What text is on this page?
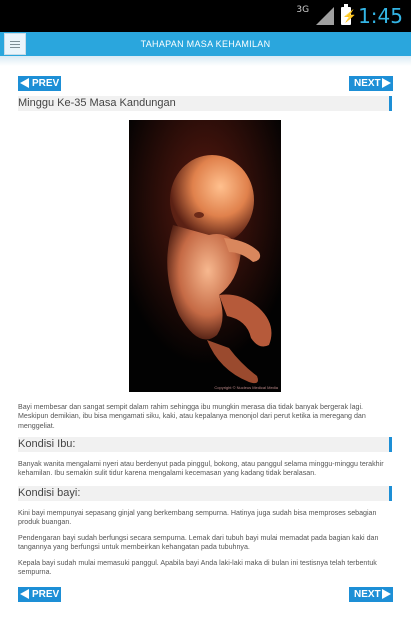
3G	⚡ 1:45
TAHAPAN MASA KEHAMILAN
PREV	NEXT
Minggu Ke-35 Masa Kandungan
Copyright © Nucleus Medical Media
Bayi membesar dan sangat sempit dalam rahim sehingga ibu mungkin merasa dia tidak banyak bergerak lagi. Meskipun demikian, ibu bisa mengamati siku, kaki, atau kepalanya menonjol dari perut ketika ia meregang dan menggeliat.
Kondisi Ibu:
Banyak wanita mengalami nyeri atau berdenyut pada pinggul, bokong, atau panggul selama minggu-minggu terakhir kehamilan. Ibu semakin sulit tidur karena mengalami kecemasan yang kadang tidak beralasan.
Kondisi bayi:
Kini bayi mempunyai sepasang ginjal yang berkembang sempurna. Hatinya juga sudah bisa memproses sebagian produk buangan.
Pendengaran bayi sudah berfungsi secara sempurna. Lemak dari tubuh bayi mulai memadat pada bagian kaki dan tangannya yang berfungsi untuk membeirkan kehangatan pada tubuhnya.
Kepala bayi sudah mulai memasuki panggul. Apabila bayi Anda laki-laki maka di bulan ini testisnya telah terbentuk sempurna.
PREV	NEXT
